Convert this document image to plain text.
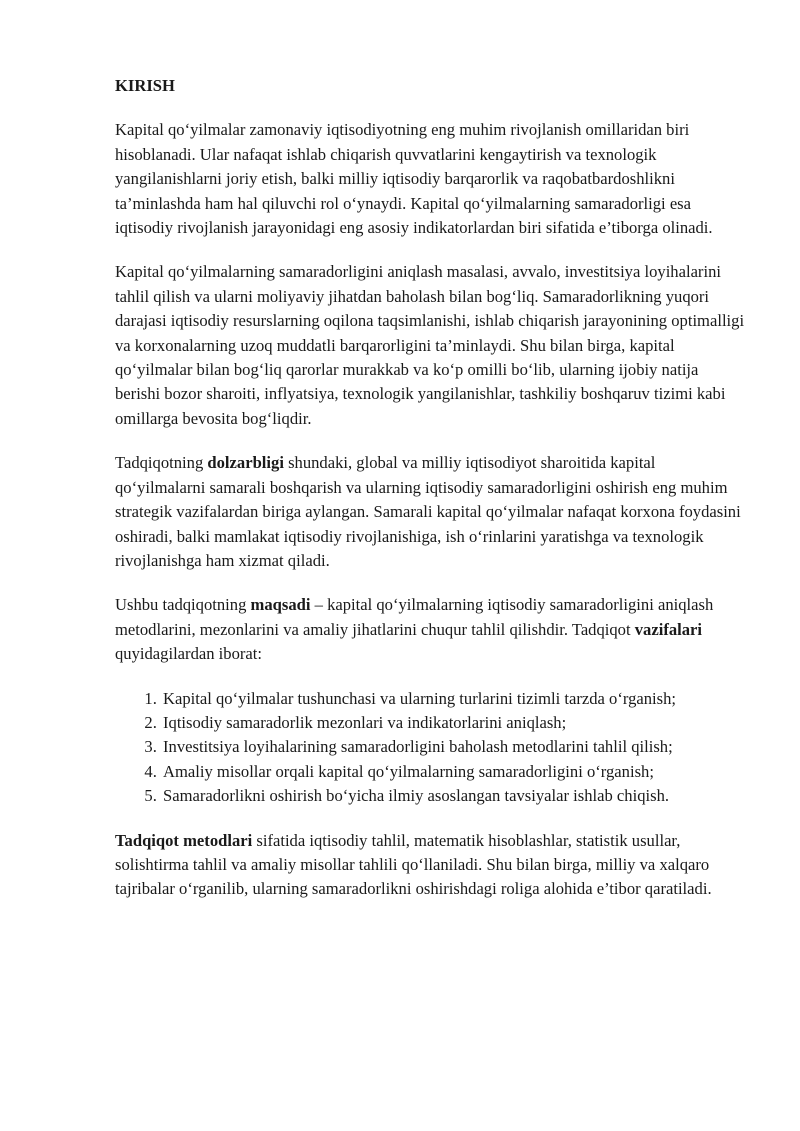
KIRISH

Kapital qo‘yilmalar zamonaviy iqtisodiyotning eng muhim rivojlanish omillaridan biri hisoblanadi. Ular nafaqat ishlab chiqarish quvvatlarini kengaytirish va texnologik yangilanishlarni joriy etish, balki milliy iqtisodiy barqarorlik va raqobatbardoshlikni ta’minlashda ham hal qiluvchi rol o‘ynaydi. Kapital qo‘yilmalarning samaradorligi esa iqtisodiy rivojlanish jarayonidagi eng asosiy indikatorlardan biri sifatida e’tiborga olinadi.

Kapital qo‘yilmalarning samaradorligini aniqlash masalasi, avvalo, investitsiya loyihalarini tahlil qilish va ularni moliyaviy jihatdan baholash bilan bog‘liq. Samaradorlikning yuqori darajasi iqtisodiy resurslarning oqilona taqsimlanishi, ishlab chiqarish jarayonining optimalligi va korxonalarning uzoq muddatli barqarorligini ta’minlaydi. Shu bilan birga, kapital qo‘yilmalar bilan bog‘liq qarorlar murakkab va ko‘p omilli bo‘lib, ularning ijobiy natija berishi bozor sharoiti, inflyatsiya, texnologik yangilanishlar, tashkiliy boshqaruv tizimi kabi omillarga bevosita bog‘liqdir.

Tadqiqotning dolzarbligi shundaki, global va milliy iqtisodiyot sharoitida kapital qo‘yilmalarni samarali boshqarish va ularning iqtisodiy samaradorligini oshirish eng muhim strategik vazifalardan biriga aylangan. Samarali kapital qo‘yilmalar nafaqat korxona foydasini oshiradi, balki mamlakat iqtisodiy rivojlanishiga, ish o‘rinlarini yaratishga va texnologik rivojlanishga ham xizmat qiladi.

Ushbu tadqiqotning maqsadi – kapital qo‘yilmalarning iqtisodiy samaradorligini aniqlash metodlarini, mezonlarini va amaliy jihatlarini chuqur tahlil qilishdir. Tadqiqot vazifalari quyidagilardan iborat:

1. Kapital qo‘yilmalar tushunchasi va ularning turlarini tizimli tarzda o‘rganish;
2. Iqtisodiy samaradorlik mezonlari va indikatorlarini aniqlash;
3. Investitsiya loyihalarining samaradorligini baholash metodlarini tahlil qilish;
4. Amaliy misollar orqali kapital qo‘yilmalarning samaradorligini o‘rganish;
5. Samaradorlikni oshirish bo‘yicha ilmiy asoslangan tavsiyalar ishlab chiqish.

Tadqiqot metodlari sifatida iqtisodiy tahlil, matematik hisoblashlar, statistik usullar, solishtirma tahlil va amaliy misollar tahlili qo‘llaniladi. Shu bilan birga, milliy va xalqaro tajribalar o‘rganilib, ularning samaradorlikni oshirishdagi roliga alohida e’tibor qaratiladi.
